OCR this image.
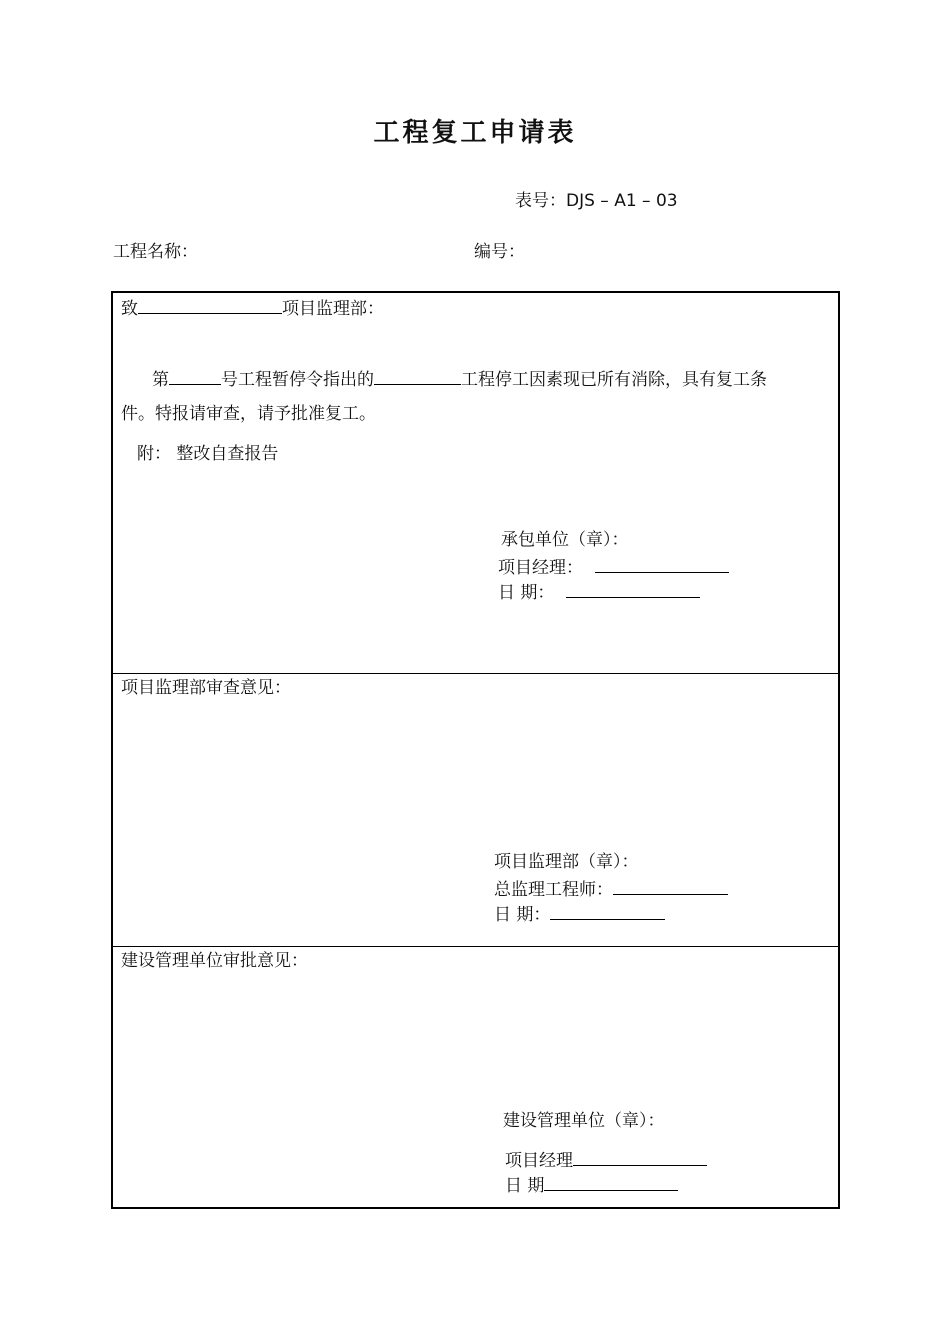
工程复工申请表
表号：DJS – A1 – 03
工程名称：	编号：
致	项目监理部：
第	号工程暂停令指出的	工程停工因素现已所有消除，具有复工条
件。特报请审查，请予批准复工。
附： 整改自查报告
承包单位（章）：
项目经理：
日 期：
项目监理部审查意见：
项目监理部（章）：
总监理工程师：
日 期：
建设管理单位审批意见：
建设管理单位（章）：
项目经理
日 期
